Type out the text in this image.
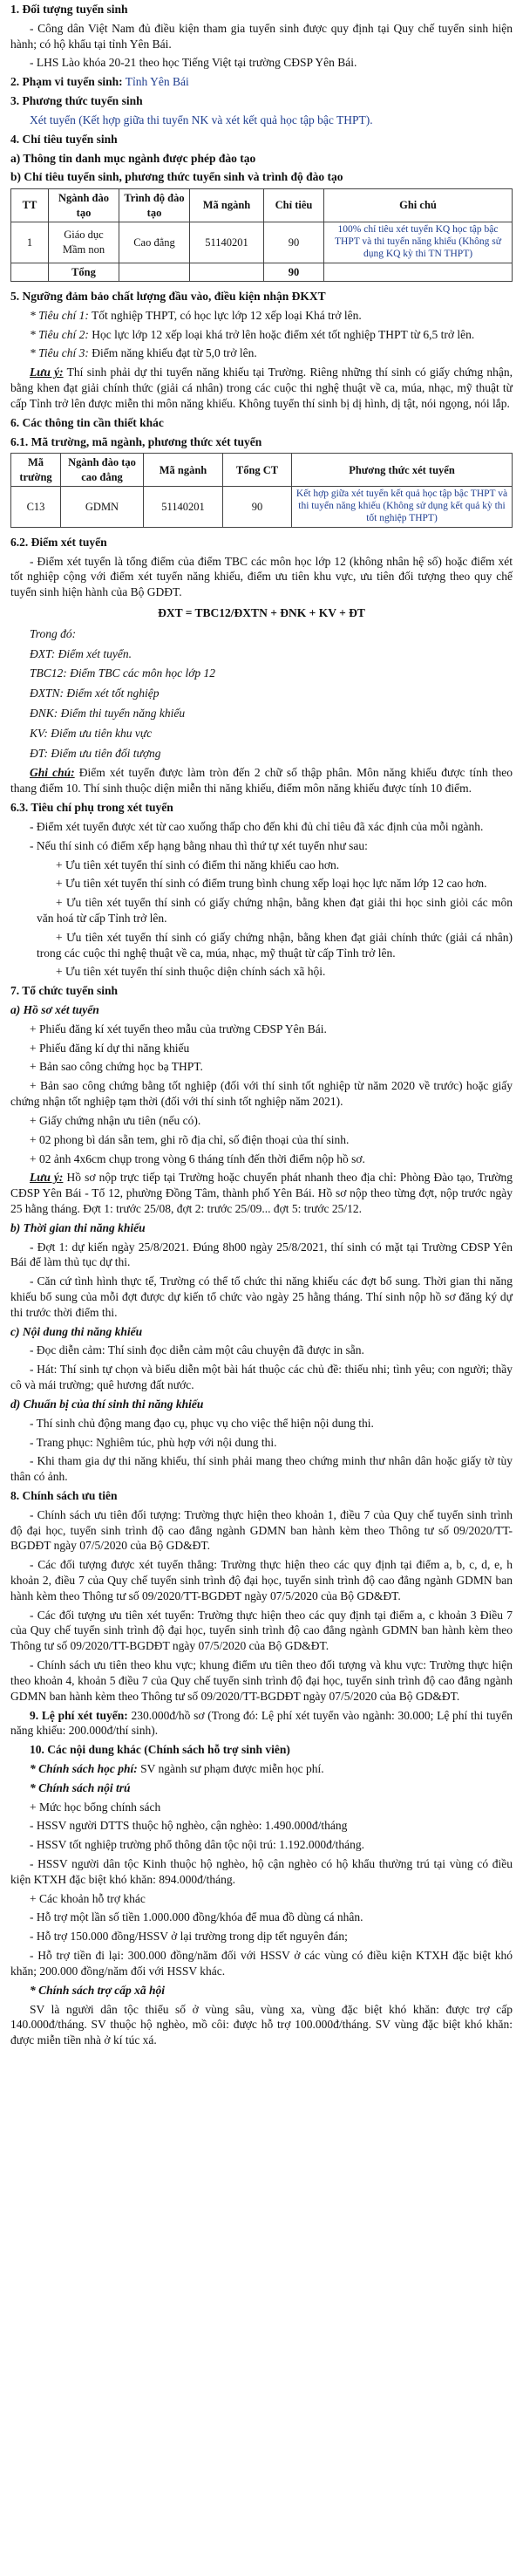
1. Đối tượng tuyển sinh

- Công dân Việt Nam đủ điều kiện tham gia tuyển sinh được quy định tại Quy chế tuyển sinh hiện hành; có hộ khẩu tại tỉnh Yên Bái.

- LHS Lào khóa 20-21 theo học Tiếng Việt tại trường CĐSP Yên Bái.

2. Phạm vi tuyển sinh: Tỉnh Yên Bái

3. Phương thức tuyển sinh

Xét tuyển (Kết hợp giữa thi tuyển NK và xét kết quả học tập bậc THPT).

4. Chỉ tiêu tuyển sinh

a) Thông tin danh mục ngành được phép đào tạo

b) Chỉ tiêu tuyển sinh, phương thức tuyển sinh và trình độ đào tạo

TT	Ngành đào tạo	Trình độ đào tạo	Mã ngành	Chỉ tiêu	Ghi chú
1	Giáo dục Mầm non	Cao đẳng	51140201	90	100% chỉ tiêu xét tuyển KQ học tập bậc THPT và thi tuyển năng khiếu (Không sử dụng KQ kỳ thi TN THPT)
	Tổng			90	

5. Ngưỡng đảm bảo chất lượng đầu vào, điều kiện nhận ĐKXT

* Tiêu chí 1: Tốt nghiệp THPT, có học lực lớp 12 xếp loại Khá trở lên.

* Tiêu chí 2: Học lực lớp 12 xếp loại khá trở lên hoặc điểm xét tốt nghiệp THPT từ 6,5 trở lên.

* Tiêu chí 3: Điểm năng khiếu đạt từ 5,0 trở lên.

Lưu ý: Thí sinh phải dự thi tuyển năng khiếu tại Trường. Riêng những thí sinh có giấy chứng nhận, bằng khen đạt giải chính thức (giải cá nhân) trong các cuộc thi nghệ thuật về ca, múa, nhạc, mỹ thuật từ cấp Tỉnh trở lên được miễn thi môn năng khiếu. Không tuyển thí sinh bị dị hình, dị tật, nói ngọng, nói lắp.

6. Các thông tin cần thiết khác

6.1. Mã trường, mã ngành, phương thức xét tuyển

Mã trường	Ngành đào tạo cao đẳng	Mã ngành	Tổng CT	Phương thức xét tuyển
C13	GDMN	51140201	90	Kết hợp giữa xét tuyển kết quả học tập bậc THPT và thi tuyển năng khiếu (Không sử dụng kết quả kỳ thi tốt nghiệp THPT)

6.2. Điểm xét tuyển

- Điểm xét tuyển là tổng điểm của điểm TBC các môn học lớp 12 (không nhân hệ số) hoặc điểm xét tốt nghiệp cộng với điểm xét tuyển năng khiếu, điểm ưu tiên khu vực, ưu tiên đối tượng theo quy chế tuyển sinh hiện hành của Bộ GDĐT.

ĐXT = TBC12/ĐXTN + ĐNK + KV + ĐT

Trong đó:

ĐXT: Điểm xét tuyển.

TBC12: Điểm TBC các môn học lớp 12

ĐXTN: Điểm xét tốt nghiệp

ĐNK: Điểm thi tuyển năng khiếu

KV: Điểm ưu tiên khu vực

ĐT: Điểm ưu tiên đối tượng

Ghi chú: Điểm xét tuyển được làm tròn đến 2 chữ số thập phân. Môn năng khiếu được tính theo thang điểm 10. Thí sinh thuộc diện miễn thi năng khiếu, điểm môn năng khiếu được tính 10 điểm.

6.3. Tiêu chí phụ trong xét tuyển

- Điểm xét tuyển được xét từ cao xuống thấp cho đến khi đủ chỉ tiêu đã xác định của mỗi ngành.

- Nếu thí sinh có điểm xếp hạng bằng nhau thì thứ tự xét tuyển như sau:

+ Ưu tiên xét tuyển thí sinh có điểm thi năng khiếu cao hơn.

+ Ưu tiên xét tuyển thí sinh có điểm trung bình chung xếp loại học lực năm lớp 12 cao hơn.

+ Ưu tiên xét tuyển thí sinh có giấy chứng nhận, bằng khen đạt giải thi học sinh giỏi các môn văn hoá từ cấp Tỉnh trở lên.

+ Ưu tiên xét tuyển thí sinh có giấy chứng nhận, bằng khen đạt giải chính thức (giải cá nhân) trong các cuộc thi nghệ thuật về ca, múa, nhạc, mỹ thuật từ cấp Tỉnh trở lên.

+ Ưu tiên xét tuyển thí sinh thuộc diện chính sách xã hội.

7. Tổ chức tuyển sinh

a) Hồ sơ xét tuyển

+ Phiếu đăng kí xét tuyển theo mẫu của trường CĐSP Yên Bái.

+ Phiếu đăng kí dự thi năng khiếu

+ Bản sao công chứng học bạ THPT.

+ Bản sao công chứng bằng tốt nghiệp (đối với thí sinh tốt nghiệp từ năm 2020 về trước) hoặc giấy chứng nhận tốt nghiệp tạm thời (đối với thí sinh tốt nghiệp năm 2021).

+ Giấy chứng nhận ưu tiên (nếu có).

+ 02 phong bì dán sẵn tem, ghi rõ địa chỉ, số điện thoại của thí sinh.

+ 02 ảnh 4x6cm chụp trong vòng 6 tháng tính đến thời điểm nộp hồ sơ.

Lưu ý: Hồ sơ nộp trực tiếp tại Trường hoặc chuyển phát nhanh theo địa chỉ: Phòng Đào tạo, Trường CĐSP Yên Bái - Tổ 12, phường Đồng Tâm, thành phố Yên Bái. Hồ sơ nộp theo từng đợt, nộp trước ngày 25 hằng tháng. Đợt 1: trước 25/08, đợt 2: trước 25/09... đợt 5: trước 25/12.

b) Thời gian thi năng khiếu

- Đợt 1: dự kiến ngày 25/8/2021. Đúng 8h00 ngày 25/8/2021, thí sinh có mặt tại Trường CĐSP Yên Bái để làm thủ tục dự thi.

- Căn cứ tình hình thực tế, Trường có thể tổ chức thi năng khiếu các đợt bổ sung. Thời gian thi năng khiếu bổ sung của mỗi đợt được dự kiến tổ chức vào ngày 25 hằng tháng. Thí sinh nộp hồ sơ đăng ký dự thi trước thời điểm thi.

c) Nội dung thi năng khiếu

- Đọc diễn cảm: Thí sinh đọc diễn cảm một câu chuyện đã được in sẵn.

- Hát: Thí sinh tự chọn và biểu diễn một bài hát thuộc các chủ đề: thiếu nhi; tình yêu; con người; thầy cô và mái trường; quê hương đất nước.

d) Chuẩn bị của thí sinh thi năng khiếu

- Thí sinh chủ động mang đạo cụ, phục vụ cho việc thể hiện nội dung thi.

- Trang phục: Nghiêm túc, phù hợp với nội dung thi.

- Khi tham gia dự thi năng khiếu, thí sinh phải mang theo chứng minh thư nhân dân hoặc giấy tờ tùy thân có ảnh.

8. Chính sách ưu tiên

- Chính sách ưu tiên đối tượng: Trường thực hiện theo khoản 1, điều 7 của Quy chế tuyển sinh trình độ đại học, tuyển sinh trình độ cao đẳng ngành GDMN ban hành kèm theo Thông tư số 09/2020/TT-BGDĐT ngày 07/5/2020 của Bộ GD&ĐT.

- Các đối tượng được xét tuyển thẳng: Trường thực hiện theo các quy định tại điểm a, b, c, d, e, h khoản 2, điều 7 của Quy chế tuyển sinh trình độ đại học, tuyển sinh trình độ cao đẳng ngành GDMN ban hành kèm theo Thông tư số 09/2020/TT-BGDĐT ngày 07/5/2020 của Bộ GD&ĐT.

- Các đối tượng ưu tiên xét tuyển: Trường thực hiện theo các quy định tại điểm a, c khoản 3 Điều 7 của Quy chế tuyển sinh trình độ đại học, tuyển sinh trình độ cao đẳng ngành GDMN ban hành kèm theo Thông tư số 09/2020/TT-BGDĐT ngày 07/5/2020 của Bộ GD&ĐT.

- Chính sách ưu tiên theo khu vực; khung điểm ưu tiên theo đối tượng và khu vực: Trường thực hiện theo khoản 4, khoản 5 điều 7 của Quy chế tuyển sinh trình độ đại học, tuyển sinh trình độ cao đẳng ngành GDMN ban hành kèm theo Thông tư số 09/2020/TT-BGDĐT ngày 07/5/2020 của Bộ GD&ĐT.

9. Lệ phí xét tuyển: 230.000đ/hồ sơ (Trong đó: Lệ phí xét tuyển vào ngành: 30.000; Lệ phí thi tuyển năng khiếu: 200.000đ/thí sinh).

10. Các nội dung khác (Chính sách hỗ trợ sinh viên)

* Chính sách học phí: SV ngành sư phạm được miễn học phí.

* Chính sách nội trú

+ Mức học bổng chính sách

- HSSV người DTTS thuộc hộ nghèo, cận nghèo: 1.490.000đ/tháng

- HSSV tốt nghiệp trường phổ thông dân tộc nội trú: 1.192.000đ/tháng.

- HSSV người dân tộc Kinh thuộc hộ nghèo, hộ cận nghèo có hộ khẩu thường trú tại vùng có điều kiện KTXH đặc biệt khó khăn: 894.000đ/tháng.

+ Các khoản hỗ trợ khác

- Hỗ trợ một lần số tiền 1.000.000 đồng/khóa để mua đồ dùng cá nhân.

- Hỗ trợ 150.000 đồng/HSSV ở lại trường trong dịp tết nguyên đán;

- Hỗ trợ tiền đi lại: 300.000 đồng/năm đối với HSSV ở các vùng có điều kiện KTXH đặc biệt khó khăn; 200.000 đồng/năm đối với HSSV khác.

* Chính sách trợ cấp xã hội

SV là người dân tộc thiểu số ở vùng sâu, vùng xa, vùng đặc biệt khó khăn: được trợ cấp 140.000đ/tháng. SV thuộc hộ nghèo, mồ côi: được hỗ trợ 100.000đ/tháng. SV vùng đặc biệt khó khăn: được miễn tiền nhà ở kí túc xá.
